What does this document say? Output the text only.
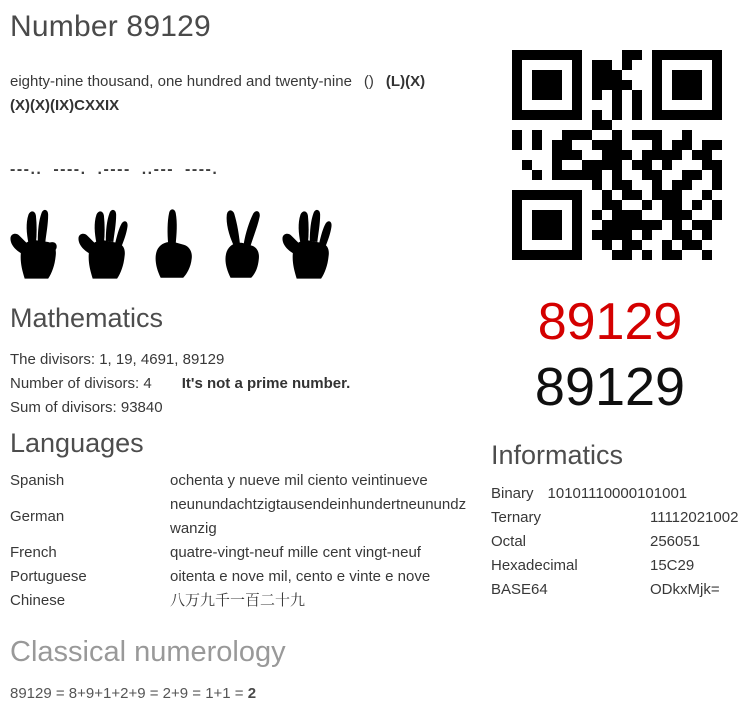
Number 89129
eighty-nine thousand, one hundred and twenty-nine () (L)(X)
(X)(X)(IX)CXXIX
---.. ----. .---- ..--- ----.
Mathematics
The divisors: 1, 19, 4691, 89129
Number of divisors: 4 It's not a prime number.
Sum of divisors: 93840
89129
89129
Languages
Spanish	ochenta y nueve mil ciento veintinueve
German
neunundachtzigtausendeinhundertneunundzwanzig
French	quatre-vingt-neuf mille cent vingt-neuf
Portuguese	oitenta e nove mil, cento e vinte e nove
Chinese	八万九千一百二十九
Informatics
Binary 10101110000101001
Ternary	11112021002
Octal	256051
Hexadecimal	15C29
BASE64	ODkxMjk=
Classical numerology
89129 = 8+9+1+2+9 = 2+9 = 1+1 = 2
